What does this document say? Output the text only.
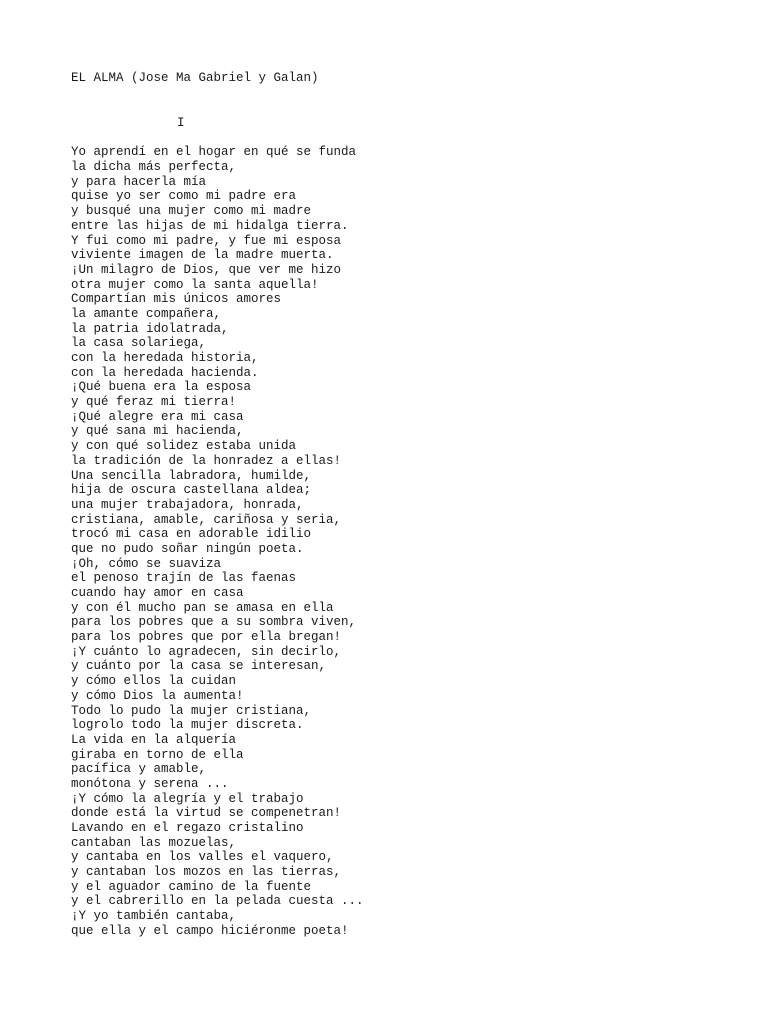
EL ALMA (Jose Ma Gabriel y Galan)

I

Yo aprendí en el hogar en qué se funda
la dicha más perfecta,
y para hacerla mía
quise yo ser como mi padre era
y busqué una mujer como mi madre
entre las hijas de mi hidalga tierra.
Y fui como mi padre, y fue mi esposa
viviente imagen de la madre muerta.
¡Un milagro de Dios, que ver me hizo
otra mujer como la santa aquella!
Compartían mis únicos amores
la amante compañera,
la patria idolatrada,
la casa solariega,
con la heredada historia,
con la heredada hacienda.
¡Qué buena era la esposa
y qué feraz mi tierra!
¡Qué alegre era mi casa
y qué sana mi hacienda,
y con qué solidez estaba unida
la tradición de la honradez a ellas!
Una sencilla labradora, humilde,
hija de oscura castellana aldea;
una mujer trabajadora, honrada,
cristiana, amable, cariñosa y seria,
trocó mi casa en adorable idilio
que no pudo soñar ningún poeta.
¡Oh, cómo se suaviza
el penoso trajín de las faenas
cuando hay amor en casa
y con él mucho pan se amasa en ella
para los pobres que a su sombra viven,
para los pobres que por ella bregan!
¡Y cuánto lo agradecen, sin decirlo,
y cuánto por la casa se interesan,
y cómo ellos la cuidan
y cómo Dios la aumenta!
Todo lo pudo la mujer cristiana,
logrolo todo la mujer discreta.
La vida en la alquería
giraba en torno de ella
pacífica y amable,
monótona y serena ...
¡Y cómo la alegría y el trabajo
donde está la virtud se compenetran!
Lavando en el regazo cristalino
cantaban las mozuelas,
y cantaba en los valles el vaquero,
y cantaban los mozos en las tierras,
y el aguador camino de la fuente
y el cabrerillo en la pelada cuesta ...
¡Y yo también cantaba,
que ella y el campo hiciéronme poeta!
